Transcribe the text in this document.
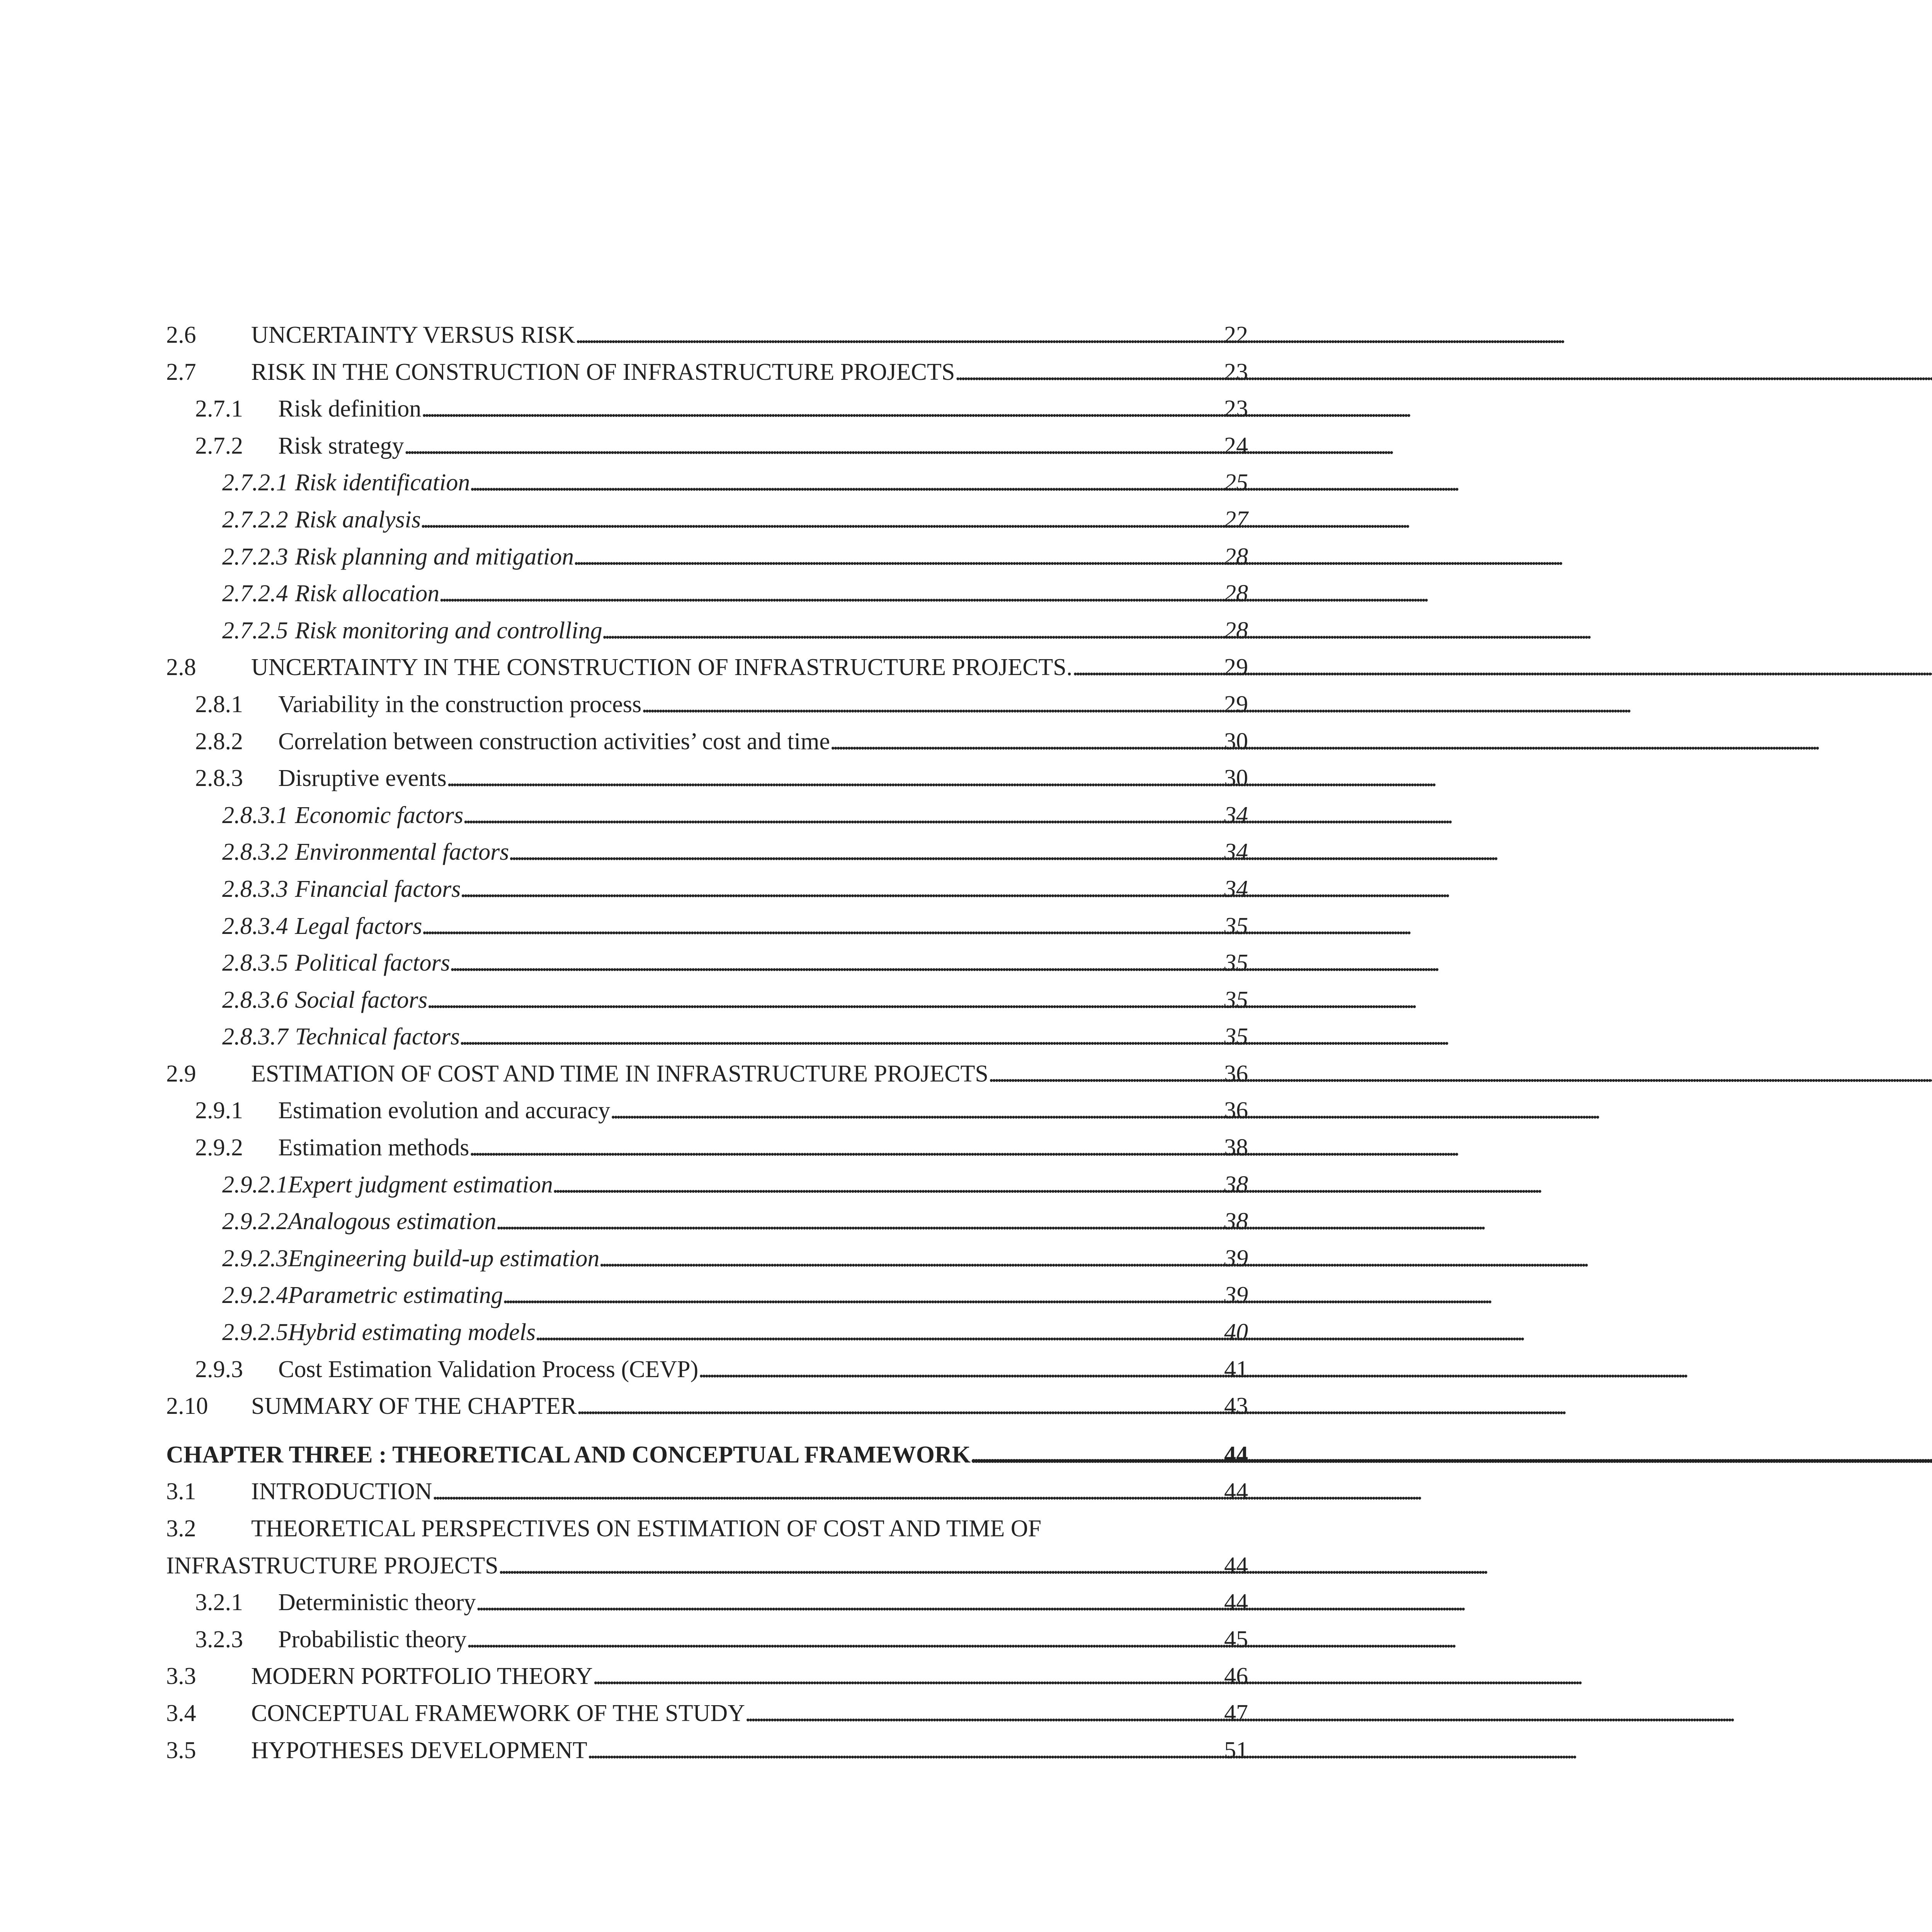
2.6	UNCERTAINTY VERSUS RISK . . .	22
2.7	RISK IN THE CONSTRUCTION OF INFRASTRUCTURE PROJECTS . . .	23
2.7.1	Risk definition . . .	23
2.7.2	Risk strategy . . .	24
2.7.2.1 Risk identification . . .	25
2.7.2.2 Risk analysis . . .	27
2.7.2.3 Risk planning and mitigation . . .	28
2.7.2.4 Risk allocation . . .	28
2.7.2.5 Risk monitoring and controlling . . .	28
2.8	UNCERTAINTY IN THE CONSTRUCTION OF INFRASTRUCTURE PROJECTS. . . .	29
2.8.1	Variability in the construction process . . .	29
2.8.2	Correlation between construction activities’ cost and time . . .	30
2.8.3	Disruptive events . . .	30
2.8.3.1 Economic factors . . .	34
2.8.3.2 Environmental factors . . .	34
2.8.3.3 Financial factors . . .	34
2.8.3.4 Legal factors . . .	35
2.8.3.5 Political factors . . .	35
2.8.3.6 Social factors . . .	35
2.8.3.7 Technical factors . . .	35
2.9	ESTIMATION OF COST AND TIME IN INFRASTRUCTURE PROJECTS . . .	36
2.9.1	Estimation evolution and accuracy . . .	36
2.9.2	Estimation methods . . .	38
2.9.2.1 Expert judgment estimation . . .	38
2.9.2.2 Analogous estimation . . .	38
2.9.2.3 Engineering build-up estimation . . .	39
2.9.2.4 Parametric estimating . . .	39
2.9.2.5 Hybrid estimating models . . .	40
2.9.3	Cost Estimation Validation Process (CEVP) . . .	41
2.10	SUMMARY OF THE CHAPTER . . .	43
CHAPTER THREE : THEORETICAL AND CONCEPTUAL FRAMEWORK . . .	44
3.1	INTRODUCTION . . .	44
3.2 THEORETICAL PERSPECTIVES ON ESTIMATION OF COST AND TIME OF
INFRASTRUCTURE PROJECTS . . .	44
3.2.1	Deterministic theory . . .	44
3.2.3	Probabilistic theory . . .	45
3.3	MODERN PORTFOLIO THEORY . . .	46
3.4	CONCEPTUAL FRAMEWORK OF THE STUDY . . .	47
3.5	HYPOTHESES DEVELOPMENT . . .	51
